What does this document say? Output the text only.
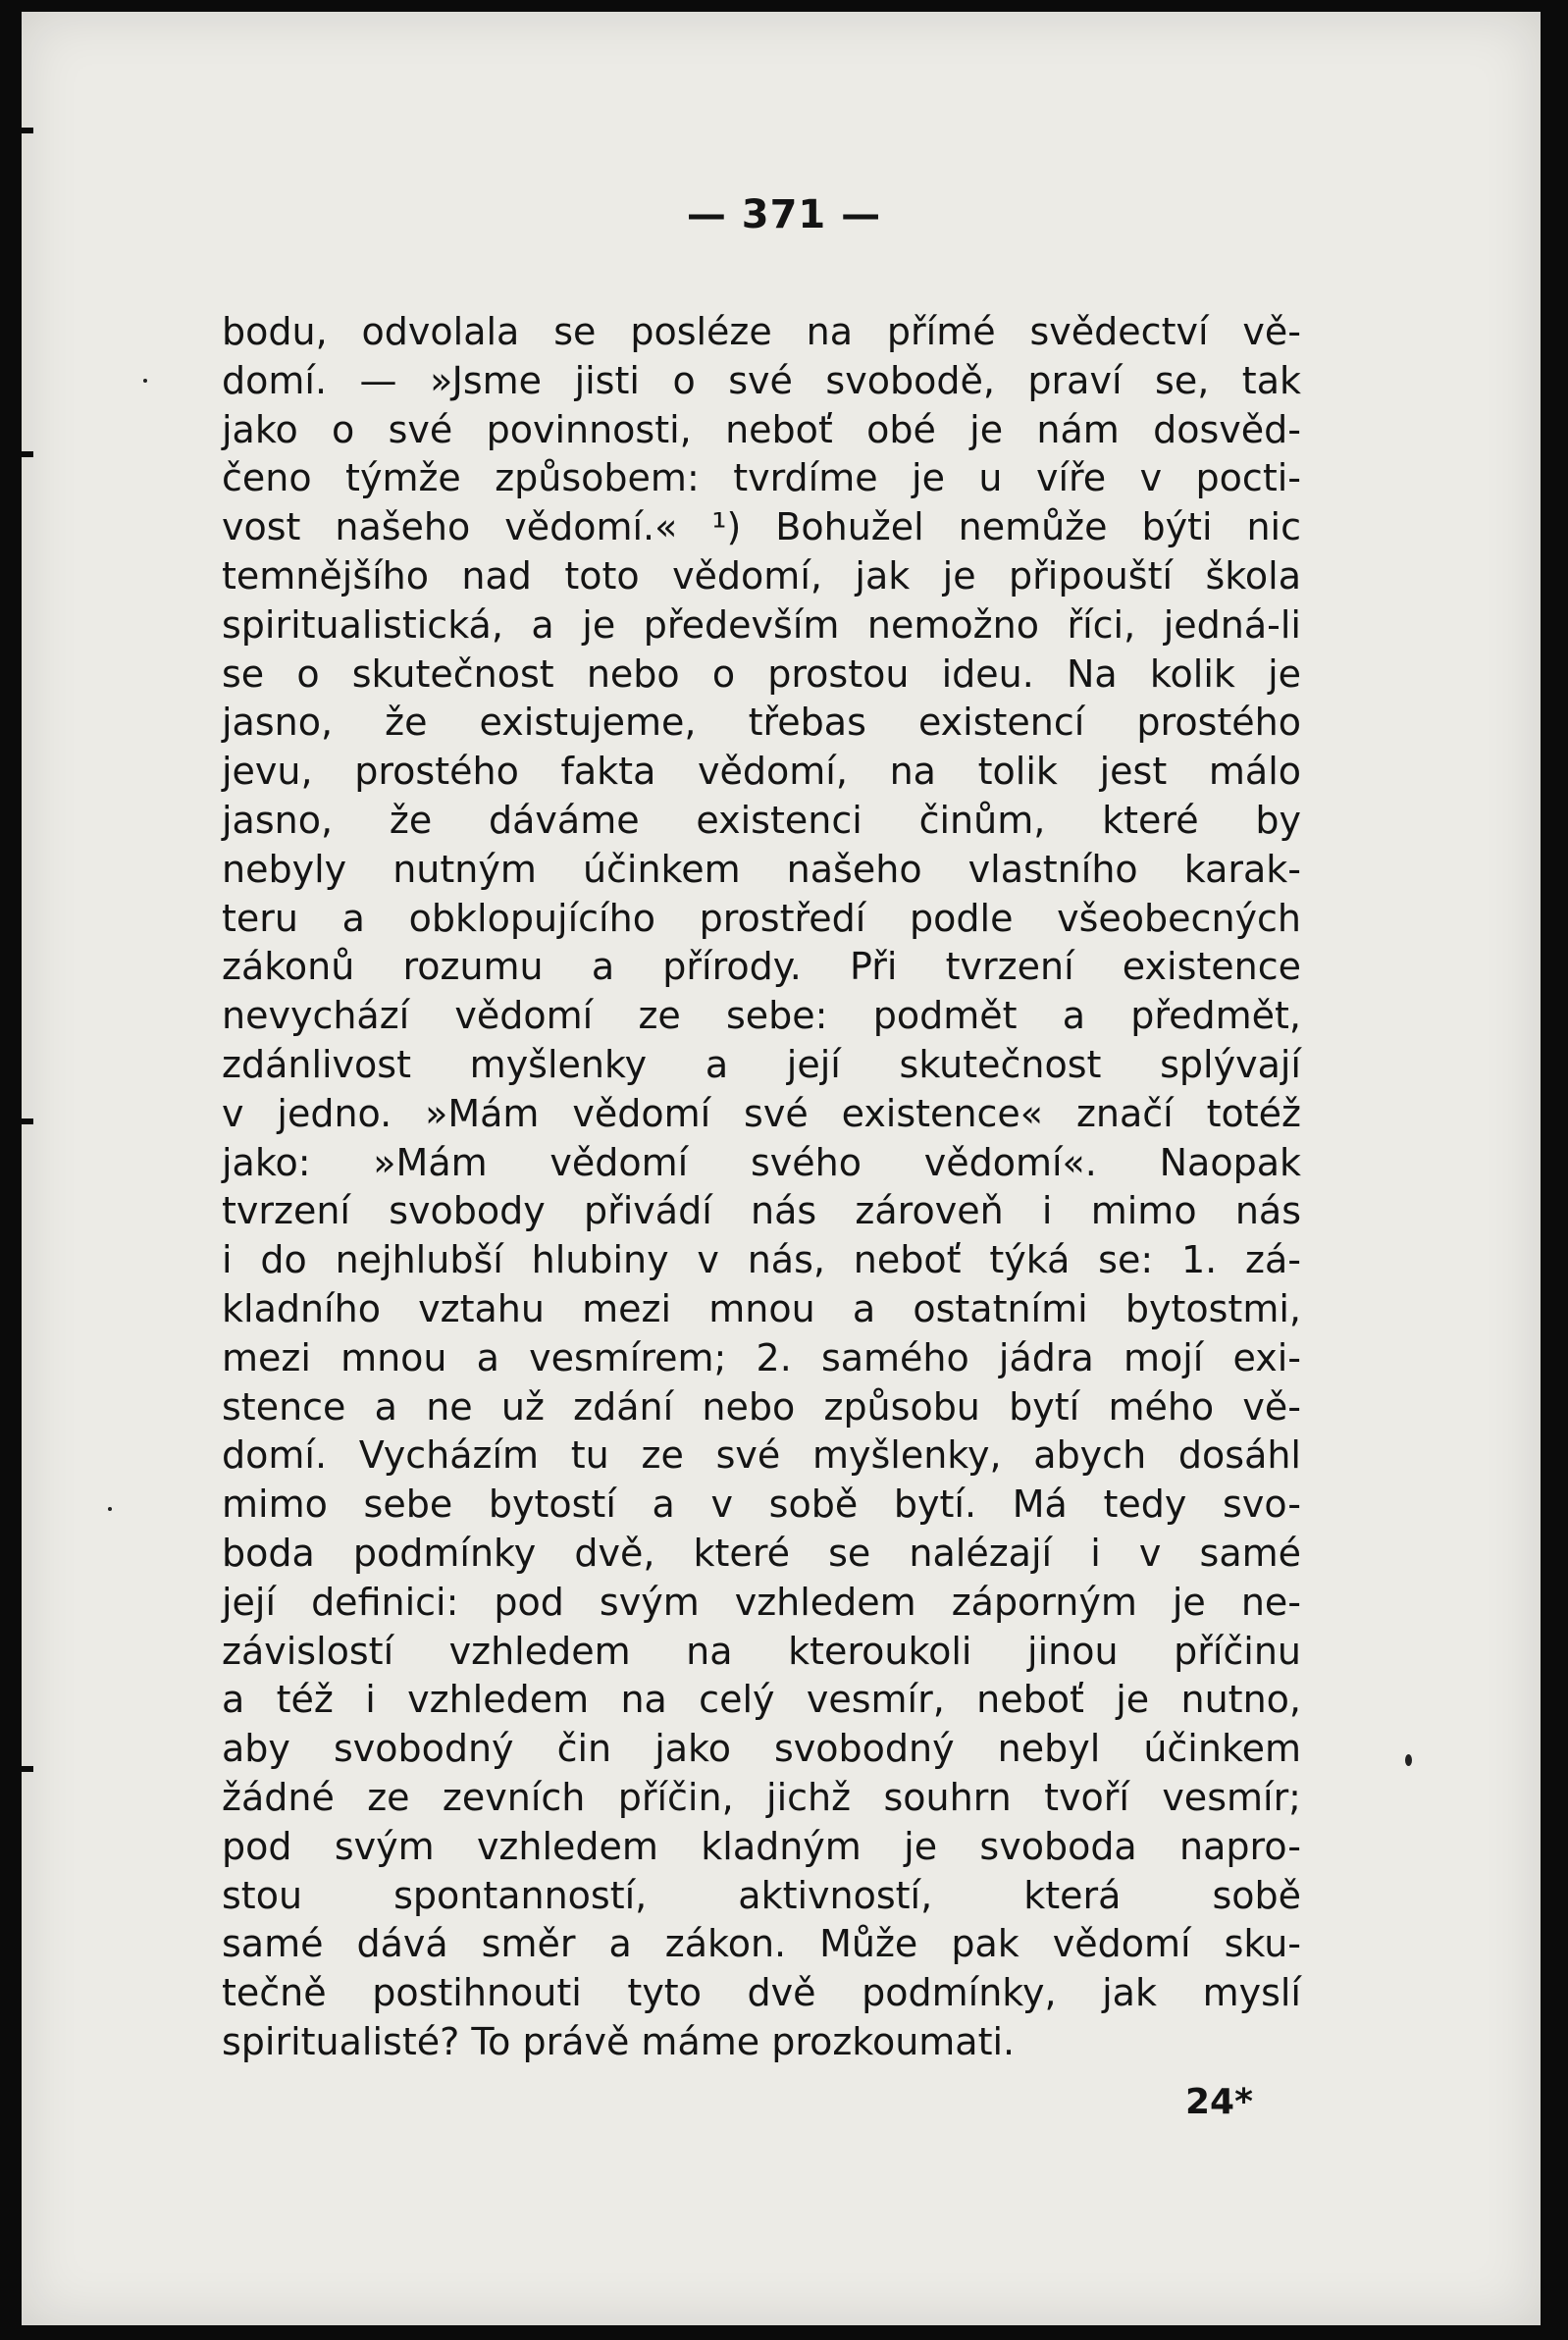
— 371 —
bodu, odvolala se posléze na přímé svědectví vě-
domí. — »Jsme jisti o své svobodě, praví se, tak
jako o své povinnosti, neboť obé je nám dosvěd-
čeno týmže způsobem: tvrdíme je u víře v pocti-
vost našeho vědomí.« ¹) Bohužel nemůže býti nic
temnějšího nad toto vědomí, jak je připouští škola
spiritualistická, a je především nemožno říci, jedná-li
se o skutečnost nebo o prostou ideu. Na kolik je
jasno, že existujeme, třebas existencí prostého
jevu, prostého fakta vědomí, na tolik jest málo
jasno, že dáváme existenci činům, které by
nebyly nutným účinkem našeho vlastního karak-
teru a obklopujícího prostředí podle všeobecných
zákonů rozumu a přírody. Při tvrzení existence
nevychází vědomí ze sebe: podmět a předmět,
zdánlivost myšlenky a její skutečnost splývají
v jedno. »Mám vědomí své existence« značí totéž
jako: »Mám vědomí svého vědomí«. Naopak
tvrzení svobody přivádí nás zároveň i mimo nás
i do nejhlubší hlubiny v nás, neboť týká se: 1. zá-
kladního vztahu mezi mnou a ostatními bytostmi,
mezi mnou a vesmírem; 2. samého jádra mojí exi-
stence a ne už zdání nebo způsobu bytí mého vě-
domí. Vycházím tu ze své myšlenky, abych dosáhl
mimo sebe bytostí a v sobě bytí. Má tedy svo-
boda podmínky dvě, které se nalézají i v samé
její definici: pod svým vzhledem záporným je ne-
závislostí vzhledem na kteroukoli jinou příčinu
a též i vzhledem na celý vesmír, neboť je nutno,
aby svobodný čin jako svobodný nebyl účinkem
žádné ze zevních příčin, jichž souhrn tvoří vesmír;
pod svým vzhledem kladným je svoboda napro-
stou spontanností, aktivností, která sobě
samé dává směr a zákon. Může pak vědomí sku-
tečně postihnouti tyto dvě podmínky, jak myslí
spiritualisté? To právě máme prozkoumati.
24*
